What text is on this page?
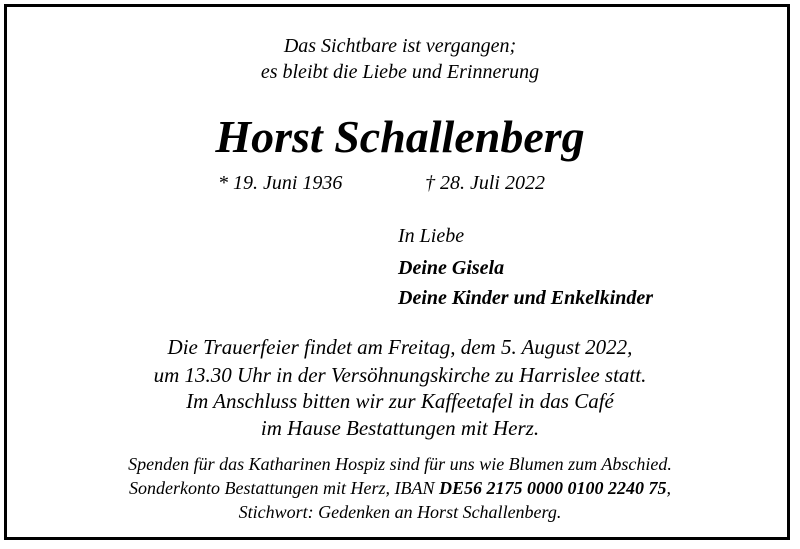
Das Sichtbare ist vergangen;
es bleibt die Liebe und Erinnerung
Horst Schallenberg
* 19. Juni 1936	† 28. Juli 2022
In Liebe
Deine Gisela
Deine Kinder und Enkelkinder
Die Trauerfeier findet am Freitag, dem 5. August 2022,
um 13.30 Uhr in der Versöhnungskirche zu Harrislee statt.
Im Anschluss bitten wir zur Kaffeetafel in das Café
im Hause Bestattungen mit Herz.
Spenden für das Katharinen Hospiz sind für uns wie Blumen zum Abschied.
Sonderkonto Bestattungen mit Herz, IBAN DE56 2175 0000 0100 2240 75,
Stichwort: Gedenken an Horst Schallenberg.
